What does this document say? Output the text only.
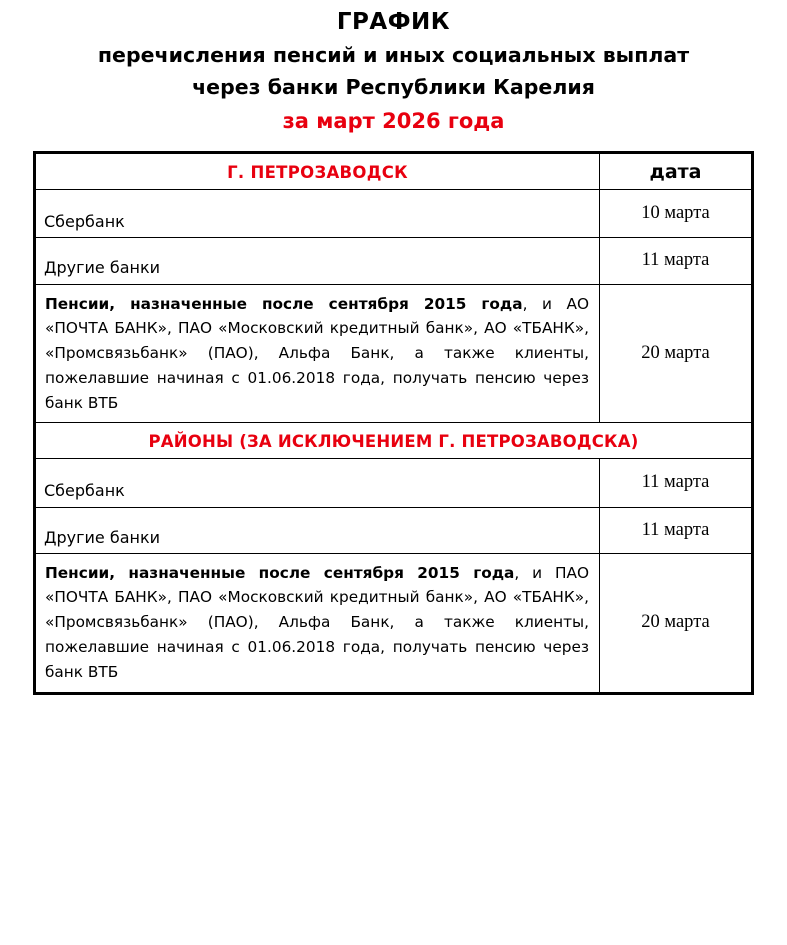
ГРАФИК
перечисления пенсий и иных социальных выплат
через банки Республики Карелия
за март 2026 года
Г. ПЕТРОЗАВОДСК	дата

Сбербанк	10 марта

Другие банки	11 марта

Пенсии, назначенные после сентября 2015 года, и АО «ПОЧТА БАНК», ПАО «Московский кредитный банк», АО «ТБАНК», «Промсвязьбанк» (ПАО), Альфа Банк, а также клиенты, пожелавшие начиная с 01.06.2018 года, получать пенсию через банк ВТБ	20 марта

РАЙОНЫ (ЗА ИСКЛЮЧЕНИЕМ Г. ПЕТРОЗАВОДСКА)	

Сбербанк	11 марта

Другие банки	11 марта

Пенсии, назначенные после сентября 2015 года, и ПАО «ПОЧТА БАНК», ПАО «Московский кредитный банк», АО «ТБАНК», «Промсвязьбанк» (ПАО), Альфа Банк, а также клиенты, пожелавшие начиная с 01.06.2018 года, получать пенсию через банк ВТБ	20 марта
